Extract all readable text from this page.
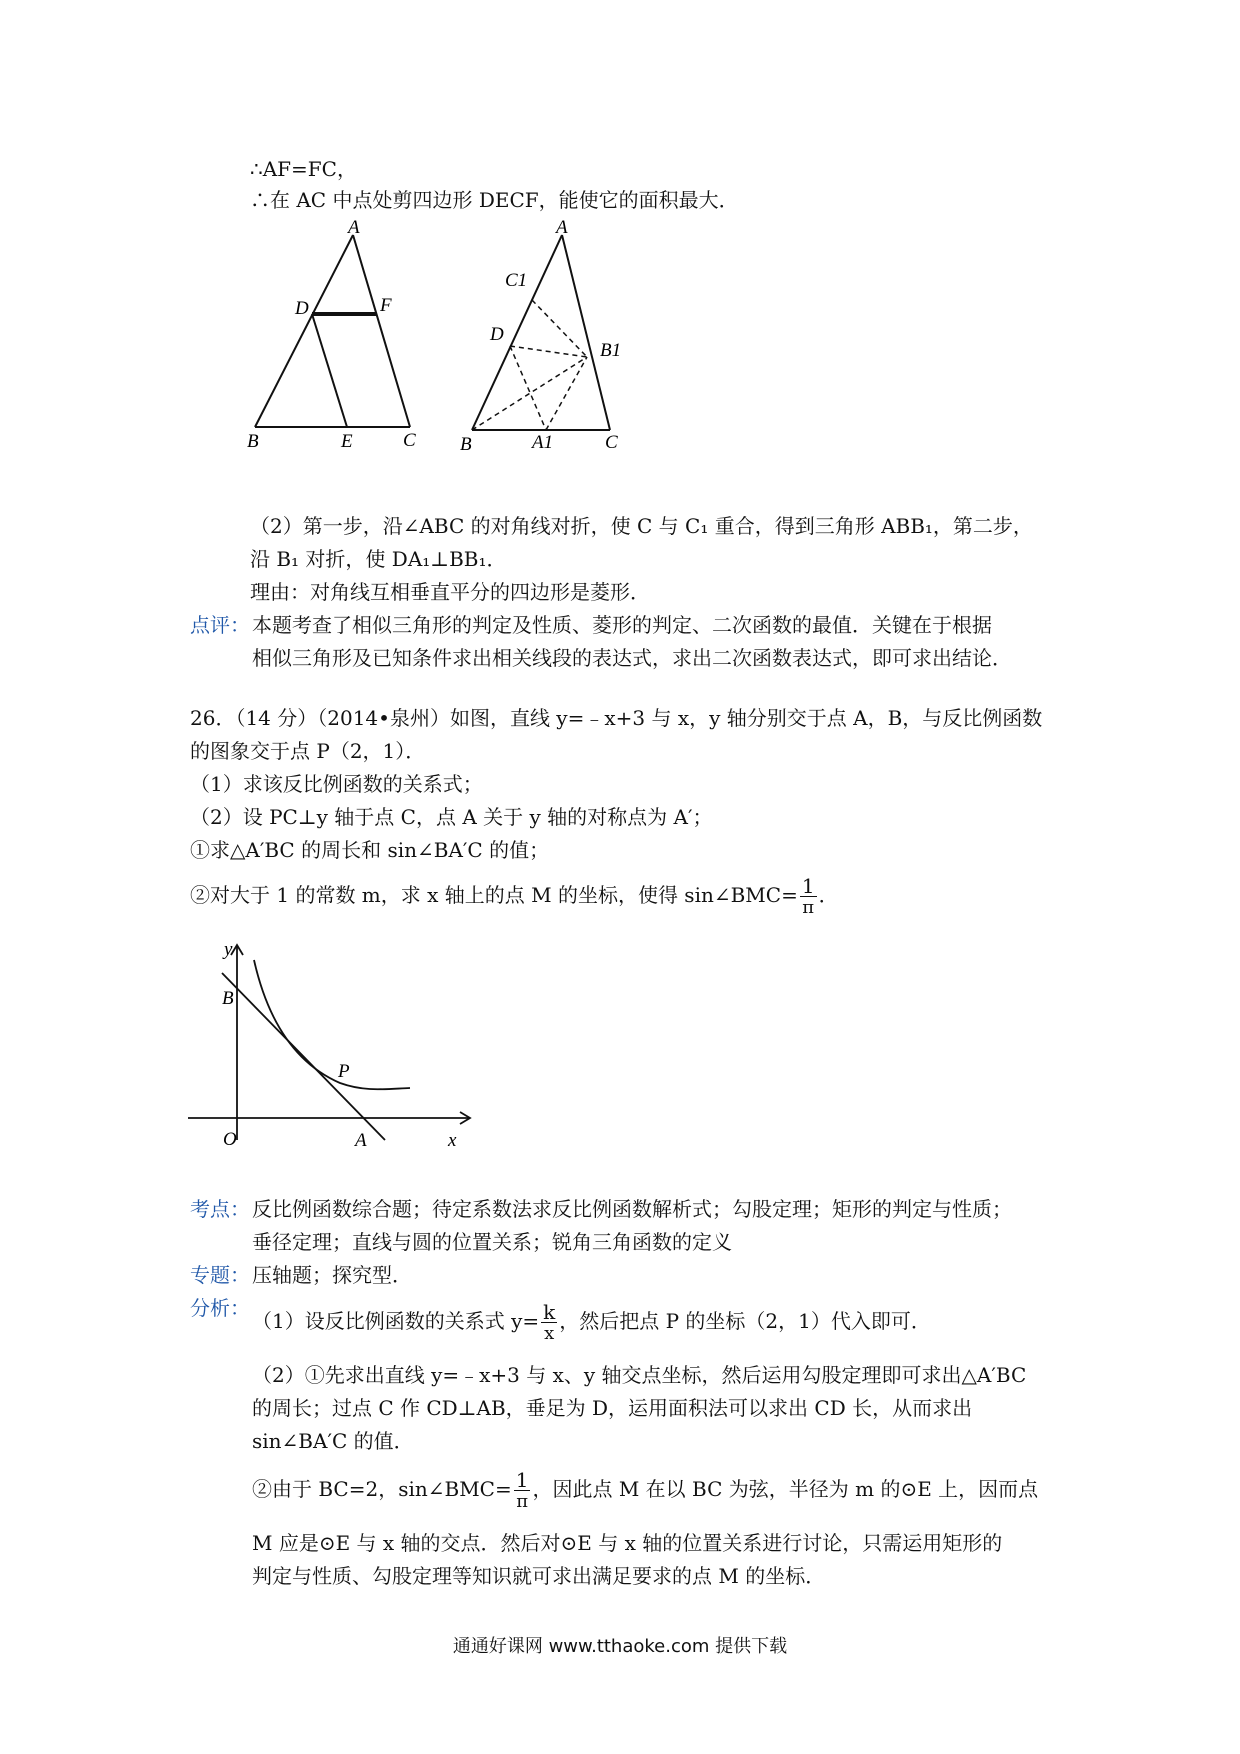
∴AF=FC，
∴在 AC 中点处剪四边形 DECF，能使它的面积最大．
A
D	F
B	E	C
A
C1
D
B1
B	A1	C
（2）第一步，沿∠ABC 的对角线对折，使 C 与 C₁ 重合，得到三角形 ABB₁，第二步，
沿 B₁ 对折，使 DA₁⊥BB₁．
理由：对角线互相垂直平分的四边形是菱形．
点评： 本题考查了相似三角形的判定及性质、菱形的判定、二次函数的最值．关键在于根据
相似三角形及已知条件求出相关线段的表达式，求出二次函数表达式，即可求出结论．
26．（14 分）（2014•泉州）如图，直线 y=﹣x+3 与 x，y 轴分别交于点 A，B，与反比例函数
的图象交于点 P（2，1）．
（1）求该反比例函数的关系式；
（2）设 PC⊥y 轴于点 C，点 A 关于 y 轴的对称点为 A′；
①求△A′BC 的周长和 sin∠BA′C 的值；
②对大于 1 的常数 m，求 x 轴上的点 M 的坐标，使得 sin∠BMC= $\frac{1}{\pi}$ ．
y
B
P
O	A	x
考点： 反比例函数综合题；待定系数法求反比例函数解析式；勾股定理；矩形的判定与性质；
垂径定理；直线与圆的位置关系；锐角三角函数的定义
专题： 压轴题；探究型．
分析：
（1）设反比例函数的关系式 $y= \frac{k}{x}$ ，然后把点 P 的坐标（2，1）代入即可．
（2）①先求出直线 y=﹣x+3 与 x、y 轴交点坐标，然后运用勾股定理即可求出△A′BC
的周长；过点 C 作 CD⊥AB，垂足为 D，运用面积法可以求出 CD 长，从而求出
sin∠BA′C 的值．
②由于 BC=2，sin∠BMC= $\frac{1}{\pi}$ ，因此点 M 在以 BC 为弦，半径为 m 的⊙E 上，因而点
M 应是⊙E 与 x 轴的交点．然后对⊙E 与 x 轴的位置关系进行讨论，只需运用矩形的
判定与性质、勾股定理等知识就可求出满足要求的点 M 的坐标．
通通好课网 www.tthaoke.com 提供下载
